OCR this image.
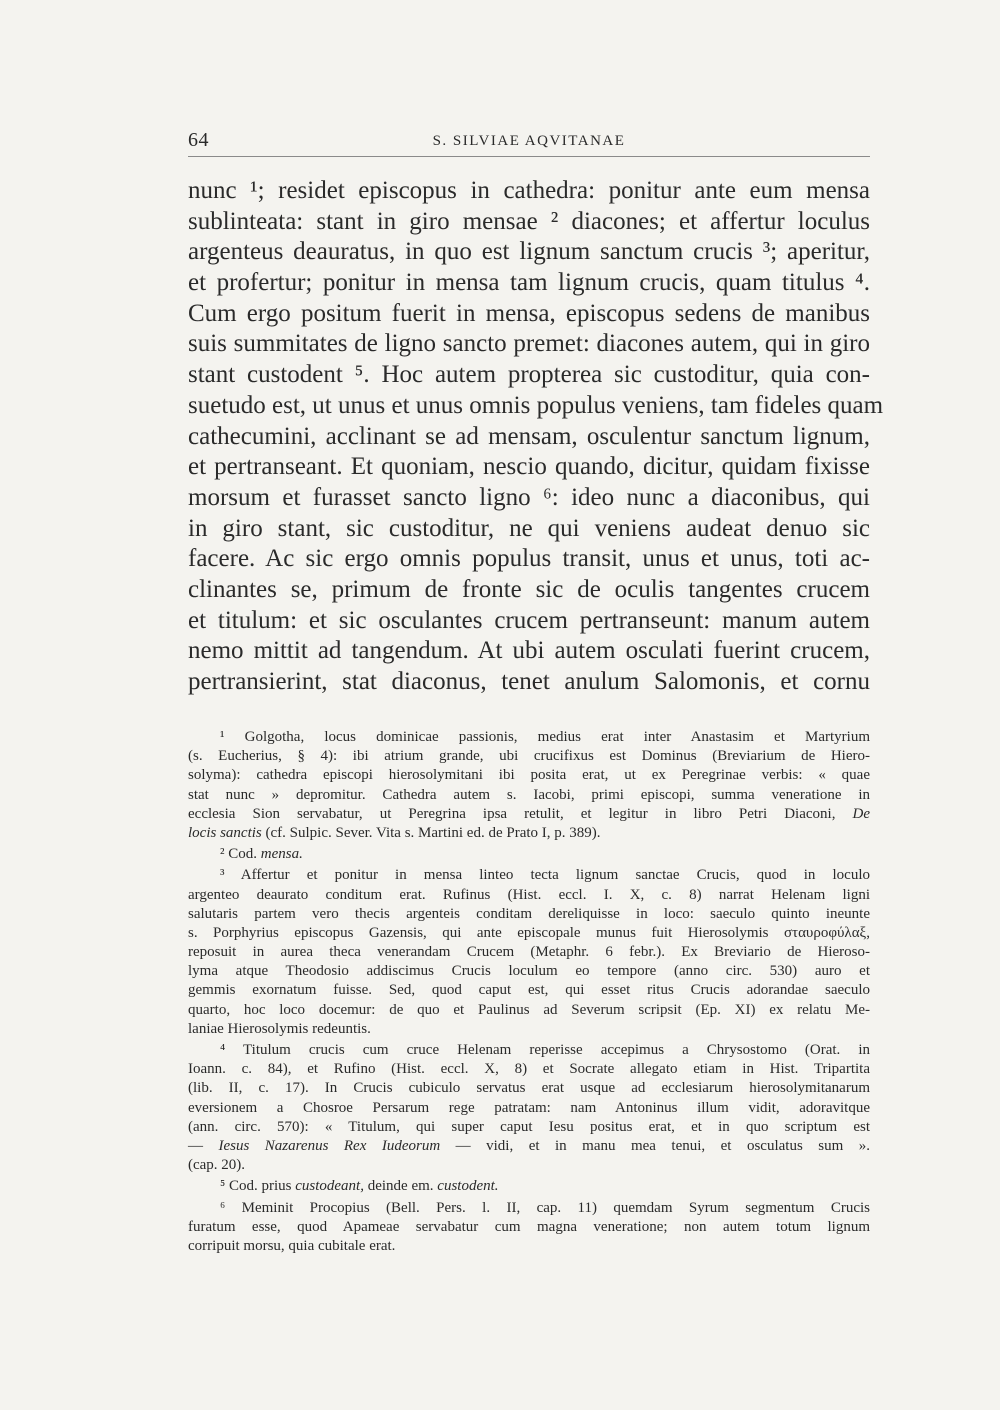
64	S. SILVIAE AQVITANAE
nunc ¹; residet episcopus in cathedra: ponitur ante eum mensa
sublinteata: stant in giro mensae ² diacones; et affertur loculus
argenteus deauratus, in quo est lignum sanctum crucis ³; aperitur,
et profertur; ponitur in mensa tam lignum crucis, quam titulus ⁴.
Cum ergo positum fuerit in mensa, episcopus sedens de manibus
suis summitates de ligno sancto premet: diacones autem, qui in giro
stant custodent ⁵. Hoc autem propterea sic custoditur, quia con-
suetudo est, ut unus et unus omnis populus veniens, tam fideles quam
cathecumini, acclinant se ad mensam, osculentur sanctum lignum,
et pertranseant. Et quoniam, nescio quando, dicitur, quidam fixisse
morsum et furasset sancto ligno ⁶: ideo nunc a diaconibus, qui
in giro stant, sic custoditur, ne qui veniens audeat denuo sic
facere. Ac sic ergo omnis populus transit, unus et unus, toti ac-
clinantes se, primum de fronte sic de oculis tangentes crucem
et titulum: et sic osculantes crucem pertranseunt: manum autem
nemo mittit ad tangendum. At ubi autem osculati fuerint crucem,
pertransierint, stat diaconus, tenet anulum Salomonis, et cornu
¹ Golgotha, locus dominicae passionis, medius erat inter Anastasim et Martyrium
(s. Eucherius, § 4): ibi atrium grande, ubi crucifixus est Dominus (Breviarium de Hiero-
solyma): cathedra episcopi hierosolymitani ibi posita erat, ut ex Peregrinae verbis: « quae
stat nunc » depromitur. Cathedra autem s. Iacobi, primi episcopi, summa veneratione in
ecclesia Sion servabatur, ut Peregrina ipsa retulit, et legitur in libro Petri Diaconi, De
locis sanctis (cf. Sulpic. Sever. Vita s. Martini ed. de Prato I, p. 389).
² Cod. mensa.
³ Affertur et ponitur in mensa linteo tecta lignum sanctae Crucis, quod in loculo
argenteo deaurato conditum erat. Rufinus (Hist. eccl. I. X, c. 8) narrat Helenam ligni
salutaris partem vero thecis argenteis conditam dereliquisse in loco: saeculo quinto ineunte
s. Porphyrius episcopus Gazensis, qui ante episcopale munus fuit Hierosolymis σταυροφύλαξ,
reposuit in aurea theca venerandam Crucem (Metaphr. 6 febr.). Ex Breviario de Hieroso-
lyma atque Theodosio addiscimus Crucis loculum eo tempore (anno circ. 530) auro et
gemmis exornatum fuisse. Sed, quod caput est, qui esset ritus Crucis adorandae saeculo
quarto, hoc loco docemur: de quo et Paulinus ad Severum scripsit (Ep. XI) ex relatu Me-
laniae Hierosolymis redeuntis.
⁴ Titulum crucis cum cruce Helenam reperisse accepimus a Chrysostomo (Orat. in
Ioann. c. 84), et Rufino (Hist. eccl. X, 8) et Socrate allegato etiam in Hist. Tripartita
(lib. II, c. 17). In Crucis cubiculo servatus erat usque ad ecclesiarum hierosolymitanarum
eversionem a Chosroe Persarum rege patratam: nam Antoninus illum vidit, adoravitque
(ann. circ. 570): « Titulum, qui super caput Iesu positus erat, et in quo scriptum est
— Iesus Nazarenus Rex Iudeorum — vidi, et in manu mea tenui, et osculatus sum ».
(cap. 20).
⁵ Cod. prius custodeant, deinde em. custodent.
⁶ Meminit Procopius (Bell. Pers. l. II, cap. 11) quemdam Syrum segmentum Crucis
furatum esse, quod Apameae servabatur cum magna veneratione; non autem totum lignum
corripuit morsu, quia cubitale erat.
